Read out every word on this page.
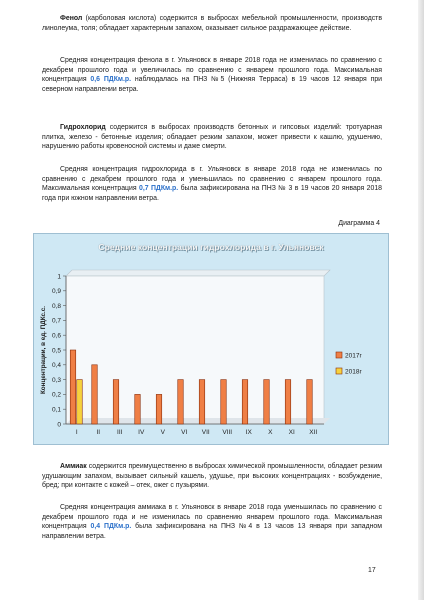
Фенол (карболовая кислота) содержится в выбросах мебельной промышленности, производств линолеума, толя; обладает характерным запахом, оказывает сильное раздражающее действие.

Средняя концентрация фенола в г. Ульяновск в январе 2018 года не изменилась по сравнению с декабрем прошлого года и увеличилась по сравнению с январем прошлого года. Максимальная концентрация 0,6 ПДКм.р. наблюдалась на ПНЗ №5 (Нижняя Терраса) в 19 часов 12 января при северном направлении ветра.

Гидрохлорид содержится в выбросах производств бетонных и гипсовых изделий: тротуарная плитка, железо - бетонные изделия; обладает резким запахом, может привести к кашлю, удушению, нарушению работы кровеносной системы и даже смерти.

Средняя концентрация гидрохлорида в г. Ульяновск в январе 2018 года не изменилась по сравнению с декабрем прошлого года и уменьшилась по сравнению с январем прошлого года. Максимальная концентрация 0,7 ПДКм.р. была зафиксирована на ПНЗ № 3 в 19 часов 20 января 2018 года при южном направлении ветра.

Диаграмма 4
Средние концентрации гидрохлорида в г. Ульяновск
0
0,1
0,2
0,3
0,4
0,5
0,6
0,7
0,8
0,9
1
Концентрации, в ед. ПДКс.с.
I	II	III IV	V	VI VII VIII IX	X	XI XII
2017г
2018г

Аммиак содержится преимущественно в выбросах химической промышленности, обладает резким удушающим запахом, вызывает сильный кашель, удушье, при высоких концентрациях - возбуждение, бред; при контакте с кожей – отек, ожег с пузырями.

Средняя концентрация аммиака в г. Ульяновск в январе 2018 года уменьшилась по сравнению с декабрем прошлого года и не изменилась по сравнению январем прошлого года. Максимальная концентрация 0,4 ПДКм.р. была зафиксирована на ПНЗ №4 в 13 часов 13 января при западном направлении ветра.

17
